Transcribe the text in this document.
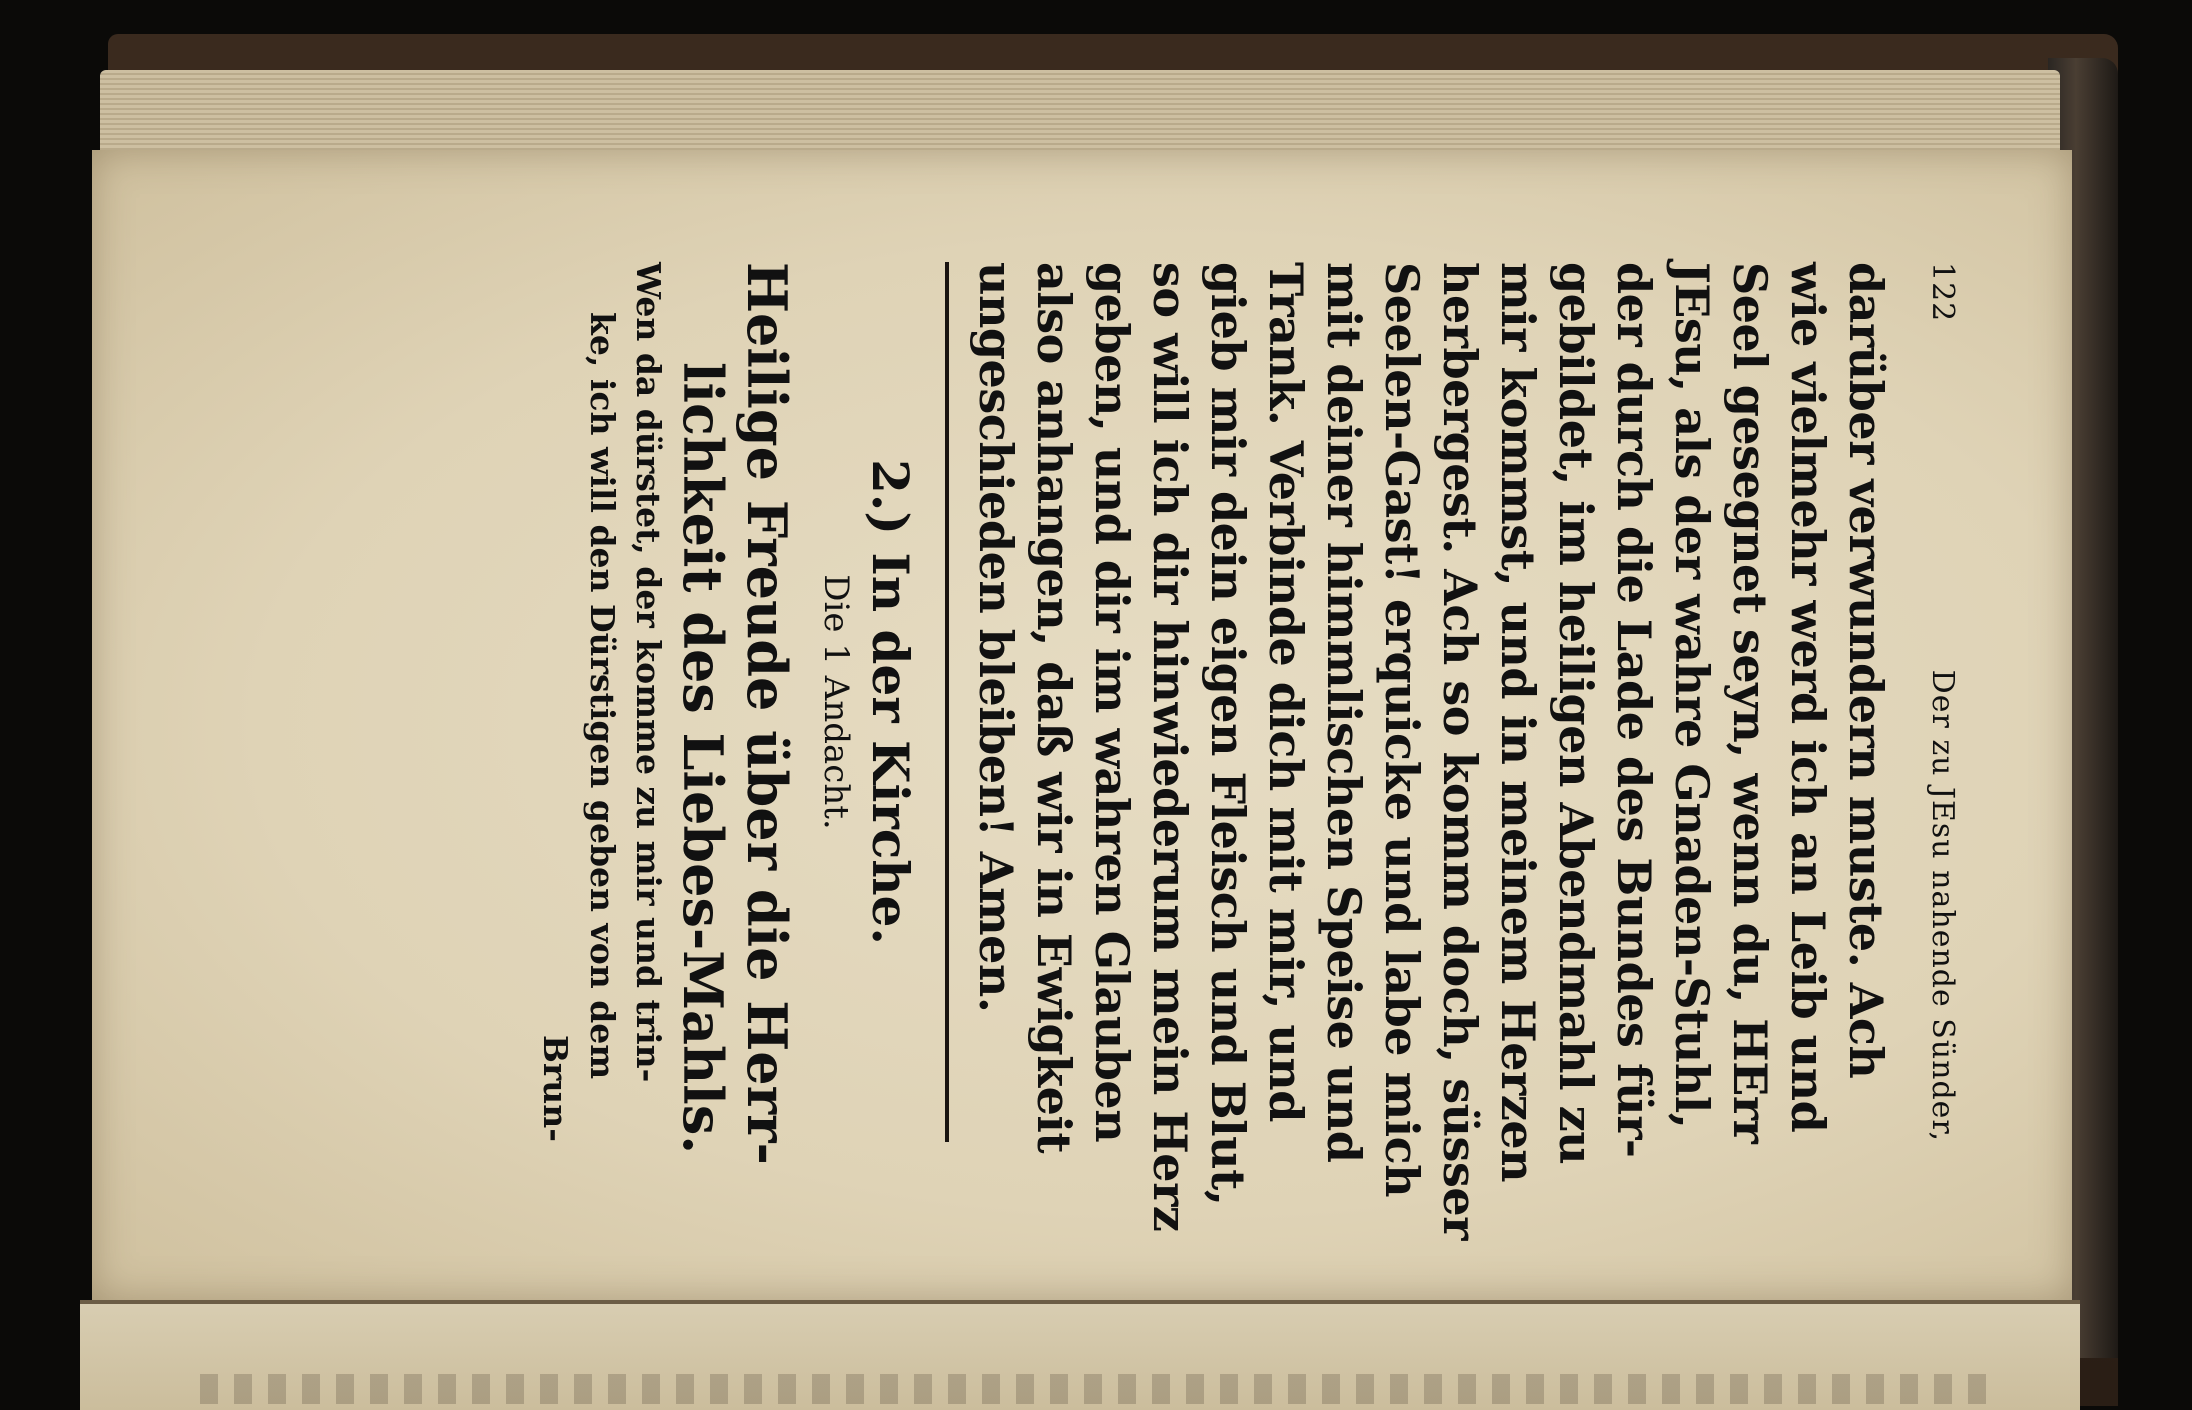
122
Der zu JEsu nahende Sünder,
darüber verwundern muste. Ach
wie vielmehr werd ich an Leib und
Seel gesegnet seyn, wenn du, HErr
JEsu, als der wahre Gnaden-Stuhl,
der durch die Lade des Bundes für-
gebildet, im heiligen Abendmahl zu
mir kommst, und in meinem Herzen
herbergest. Ach so komm doch, süsser
Seelen-Gast! erquicke und labe mich
mit deiner himmlischen Speise und
Trank. Verbinde dich mit mir, und
gieb mir dein eigen Fleisch und Blut,
so will ich dir hinwiederum mein Herz
geben, und dir im wahren Glauben
also anhangen, daß wir in Ewigkeit
ungeschieden bleiben! Amen.
2.) In der Kirche.
Die 1 Andacht.
Heilige Freude über die Herr-
lichkeit des Liebes-Mahls.
Wen da dürstet, der komme zu mir und trin-
ke, ich will den Dürstigen geben von dem
Brun-
